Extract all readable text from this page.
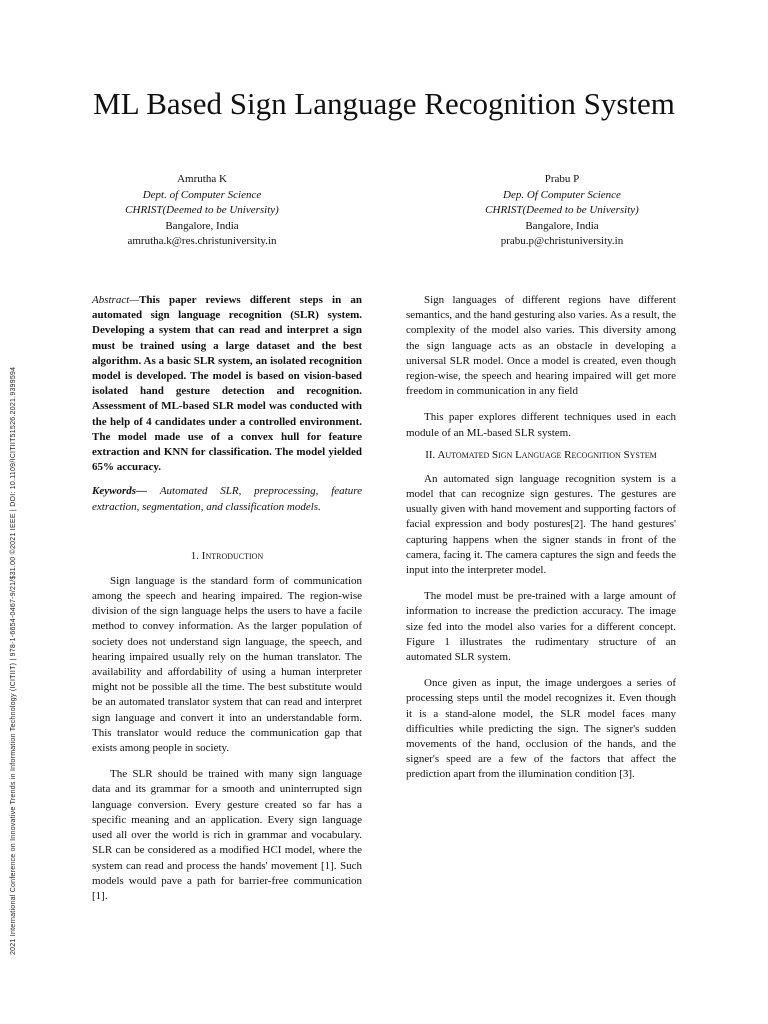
2021 International Conference on Innovative Trends in Information Technology (ICITIIT) | 978-1-6654-0467-9/21/$31.00 ©2021 IEEE | DOI: 10.1109/ICITIIT51526.2021.9399594
ML Based Sign Language Recognition System
Amrutha K
Dept. of Computer Science
CHRIST(Deemed to be University)
Bangalore, India
amrutha.k@res.christuniversity.in
Prabu P
Dep. Of Computer Science
CHRIST(Deemed to be University)
Bangalore, India
prabu.p@christuniversity.in

Abstract—This paper reviews different steps in an automated sign language recognition (SLR) system. Developing a system that can read and interpret a sign must be trained using a large dataset and the best algorithm. As a basic SLR system, an isolated recognition model is developed. The model is based on vision-based isolated hand gesture detection and recognition. Assessment of ML-based SLR model was conducted with the help of 4 candidates under a controlled environment. The model made use of a convex hull for feature extraction and KNN for classification. The model yielded 65% accuracy.

Keywords— Automated SLR, preprocessing, feature extraction, segmentation, and classification models.

1. Introduction

Sign language is the standard form of communication among the speech and hearing impaired. The region-wise division of the sign language helps the users to have a facile method to convey information. As the larger population of society does not understand sign language, the speech, and hearing impaired usually rely on the human translator. The availability and affordability of using a human interpreter might not be possible all the time. The best substitute would be an automated translator system that can read and interpret sign language and convert it into an understandable form. This translator would reduce the communication gap that exists among people in society.

The SLR should be trained with many sign language data and its grammar for a smooth and uninterrupted sign language conversion. Every gesture created so far has a specific meaning and an application. Every sign language used all over the world is rich in grammar and vocabulary. SLR can be considered as a modified HCI model, where the system can read and process the hands' movement [1]. Such models would pave a path for barrier-free communication [1].

Sign languages of different regions have different semantics, and the hand gesturing also varies. As a result, the complexity of the model also varies. This diversity among the sign language acts as an obstacle in developing a universal SLR model. Once a model is created, even though region-wise, the speech and hearing impaired will get more freedom in communication in any field

This paper explores different techniques used in each module of an ML-based SLR system.

II. Automated Sign Language Recognition System

An automated sign language recognition system is a model that can recognize sign gestures. The gestures are usually given with hand movement and supporting factors of facial expression and body postures[2]. The hand gestures' capturing happens when the signer stands in front of the camera, facing it. The camera captures the sign and feeds the input into the interpreter model.

The model must be pre-trained with a large amount of information to increase the prediction accuracy. The image size fed into the model also varies for a different concept. Figure 1 illustrates the rudimentary structure of an automated SLR system.

Once given as input, the image undergoes a series of processing steps until the model recognizes it. Even though it is a stand-alone model, the SLR model faces many difficulties while predicting the sign. The signer's sudden movements of the hand, occlusion of the hands, and the signer's speed are a few of the factors that affect the prediction apart from the illumination condition [3].
